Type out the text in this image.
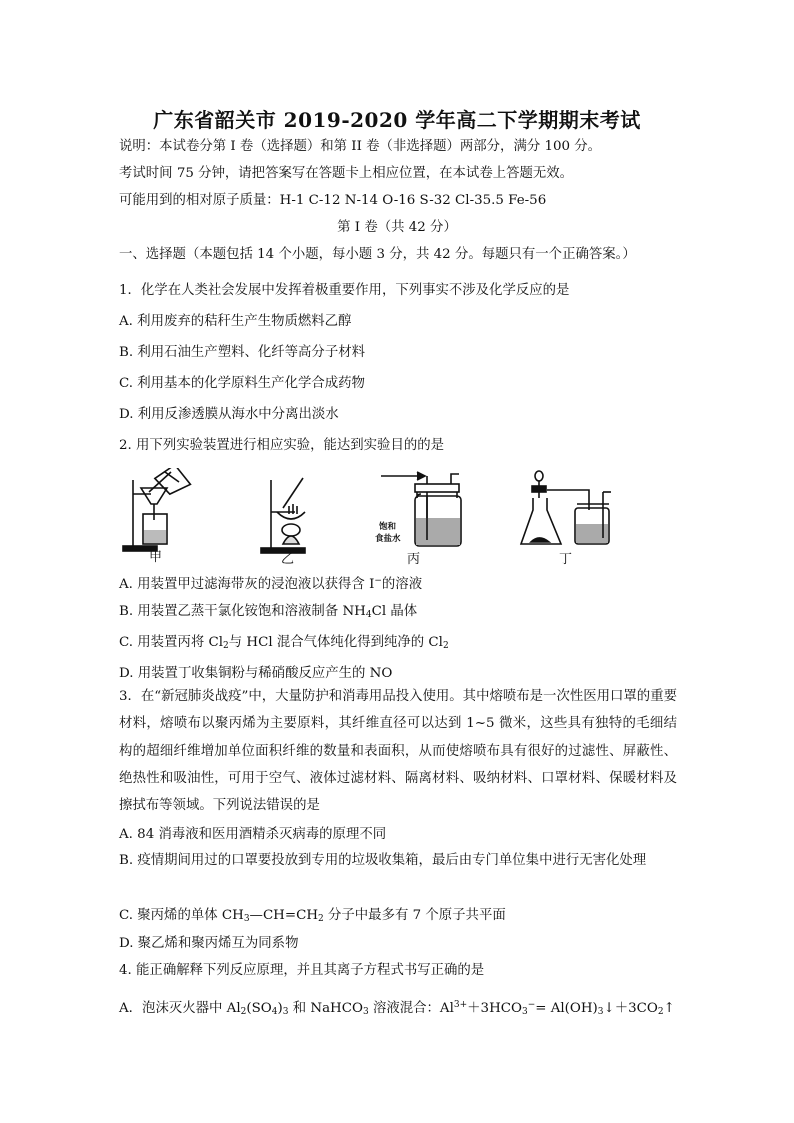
广东省韶关市 2019-2020 学年高二下学期期末考试
说明：本试卷分第 I 卷（选择题）和第 II 卷（非选择题）两部分，满分 100 分。
考试时间 75 分钟，请把答案写在答题卡上相应位置，在本试卷上答题无效。
可能用到的相对原子质量：H-1 C-12 N-14 O-16 S-32 Cl-35.5 Fe-56
第 I 卷（共 42 分）
一、选择题（本题包括 14 个小题，每小题 3 分，共 42 分。每题只有一个正确答案。）
1．化学在人类社会发展中发挥着极重要作用，下列事实不涉及化学反应的是
A. 利用废弃的秸秆生产生物质燃料乙醇
B. 利用石油生产塑料、化纤等高分子材料
C. 利用基本的化学原料生产化学合成药物
D. 利用反渗透膜从海水中分离出淡水
2. 用下列实验装置进行相应实验，能达到实验目的的是
甲	乙
饱和
食盐水
丙	丁
A. 用装置甲过滤海带灰的浸泡液以获得含 I−的溶液
B. 用装置乙蒸干氯化铵饱和溶液制备 $NH_4Cl$ 晶体
C. 用装置丙将 $Cl_2$与 HCl 混合气体纯化得到纯净的 $Cl_2$
D. 用装置丁收集铜粉与稀硝酸反应产生的 NO
3．在“新冠肺炎战疫”中，大量防护和消毒用品投入使用。其中熔喷布是一次性医用口罩的重要材料，熔喷布以聚丙烯为主要原料，其纤维直径可以达到 1~5 微米，这些具有独特的毛细结构的超细纤维增加单位面积纤维的数量和表面积，从而使熔喷布具有很好的过滤性、屏蔽性、绝热性和吸油性，可用于空气、液体过滤材料、隔离材料、吸纳材料、口罩材料、保暖材料及擦拭布等领域。下列说法错误的是
A. 84 消毒液和医用酒精杀灭病毒的原理不同
B. 疫情期间用过的口罩要投放到专用的垃圾收集箱，最后由专门单位集中进行无害化处理
C. 聚丙烯的单体 $CH_3—CH=CH_2$ 分子中最多有 7 个原子共平面
D. 聚乙烯和聚丙烯互为同系物
4. 能正确解释下列反应原理，并且其离子方程式书写正确的是
A．泡沫灭火器中 $Al_2(SO_4)_3$ 和 NaHCO$_3$ 溶液混合：$Al^{3+}+3HCO_3^-=$ $Al(OH)_3↓+3CO_2↑$
